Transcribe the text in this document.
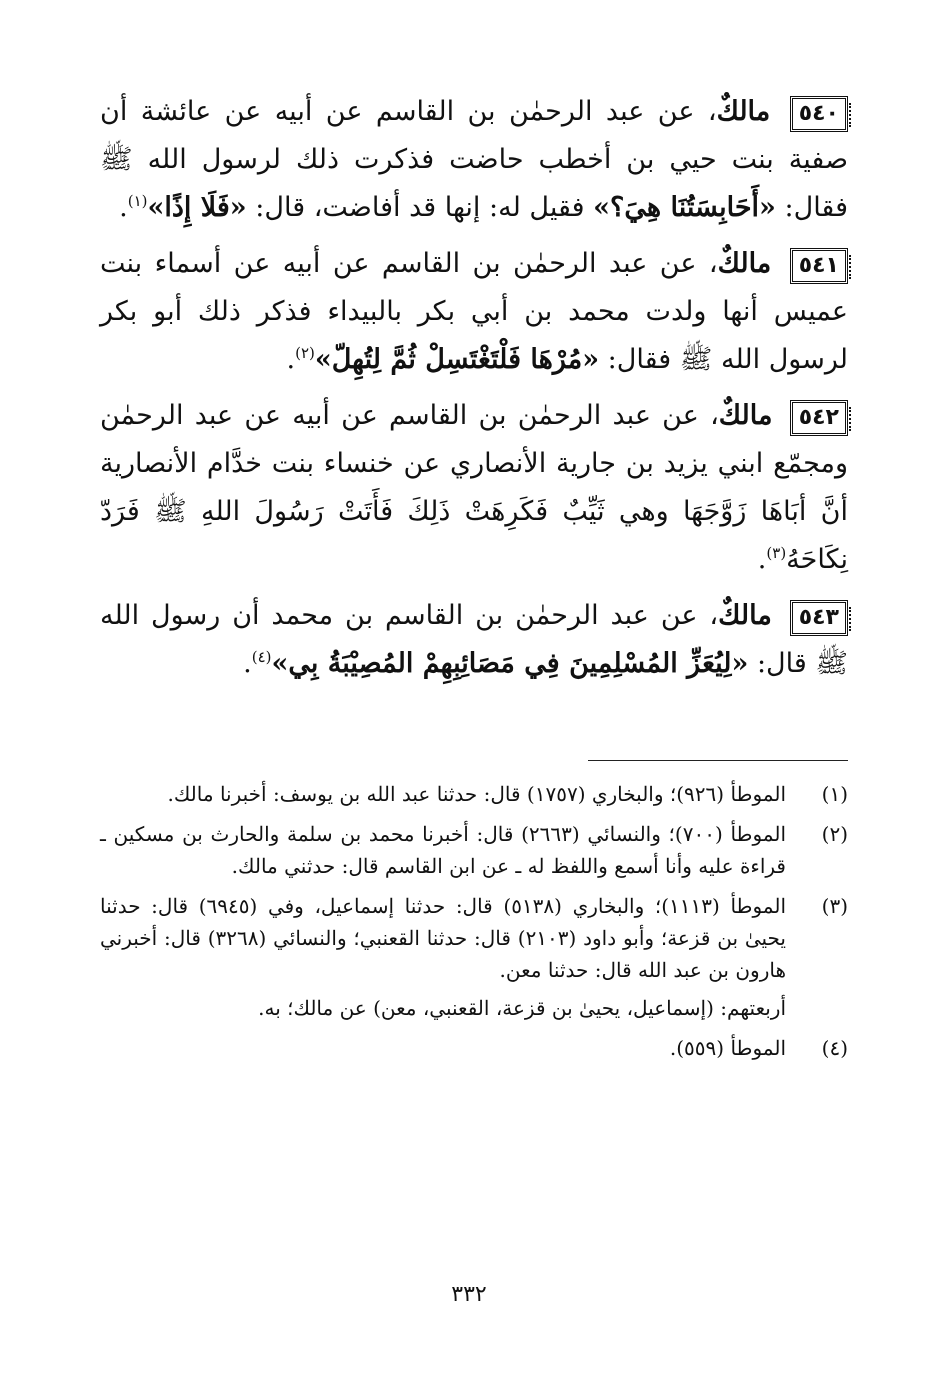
٥٤٠ مالكٌ، عن عبد الرحمٰن بن القاسم عن أبيه عن عائشة أن صفية بنت حيي بن أخطب حاضت فذكرت ذلك لرسول الله ﷺ فقال: «أَحَابِسَتُنَا هِيَ؟» فقيل له: إنها قد أفاضت، قال: «فَلَا إِذًا»$^{(١)}$.

٥٤١ مالكٌ، عن عبد الرحمٰن بن القاسم عن أبيه عن أسماء بنت عميس أنها ولدت محمد بن أبي بكر بالبيداء فذكر ذلك أبو بكر لرسول الله ﷺ فقال: «مُرْهَا فَلْتَغْتَسِلْ ثُمَّ لِتُهِلّ»$^{(٢)}$.

٥٤٢ مالكٌ، عن عبد الرحمٰن بن القاسم عن أبيه عن عبد الرحمٰن ومجمّع ابني يزيد بن جارية الأنصاري عن خنساء بنت خدَّام الأنصارية أنَّ أبَاهَا زَوَّجَهَا وهي ثَيِّبٌ فَكَرِهَتْ ذَلِكَ فَأَتَتْ رَسُولَ اللهِ ﷺ فَرَدّ نِكَاحَهُ$^{(٣)}$.

٥٤٣ مالكٌ، عن عبد الرحمٰن بن القاسم بن محمد أن رسول الله ﷺ قال: «لِيُعَزِّ المُسْلِمِينَ فِي مَصَائِبِهِمْ المُصِيْبَةُ بِي»$^{(٤)}$.

(١)
الموطأ (٩٢٦)؛ والبخاري (١٧٥٧) قال: حدثنا عبد الله بن يوسف: أخبرنا مالك.
(٢)
الموطأ (٧٠٠)؛ والنسائي (٢٦٦٣) قال: أخبرنا محمد بن سلمة والحارث بن مسكين ـ قراءة عليه وأنا أسمع واللفظ له ـ عن ابن القاسم قال: حدثني مالك.
(٣)
الموطأ (١١١٣)؛ والبخاري (٥١٣٨) قال: حدثنا إسماعيل، وفي (٦٩٤٥) قال: حدثنا يحيىٰ بن قزعة؛ وأبو داود (٢١٠٣) قال: حدثنا القعنبي؛ والنسائي (٣٢٦٨) قال: أخبرني هارون بن عبد الله قال: حدثنا معن.
أربعتهم: (إسماعيل، يحيىٰ بن قزعة، القعنبي، معن) عن مالك؛ به.
(٤)
الموطأ (٥٥٩).
٣٣٢
